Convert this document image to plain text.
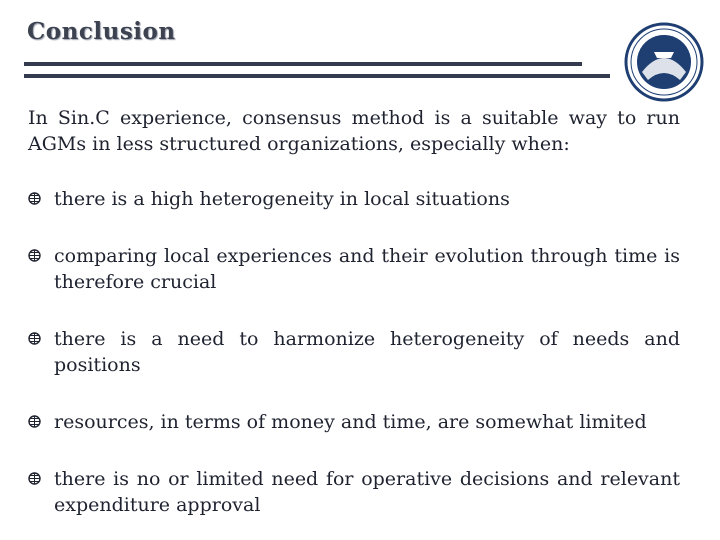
Conclusion
SiC
In Sin.C experience, consensus method is a suitable way to run AGMs in less structured organizations, especially when:
there is a high heterogeneity in local situations
comparing local experiences and their evolution through time is therefore crucial
there is a need to harmonize heterogeneity of needs and positions
resources, in terms of money and time, are somewhat limited
there is no or limited need for operative decisions and relevant expenditure approval
